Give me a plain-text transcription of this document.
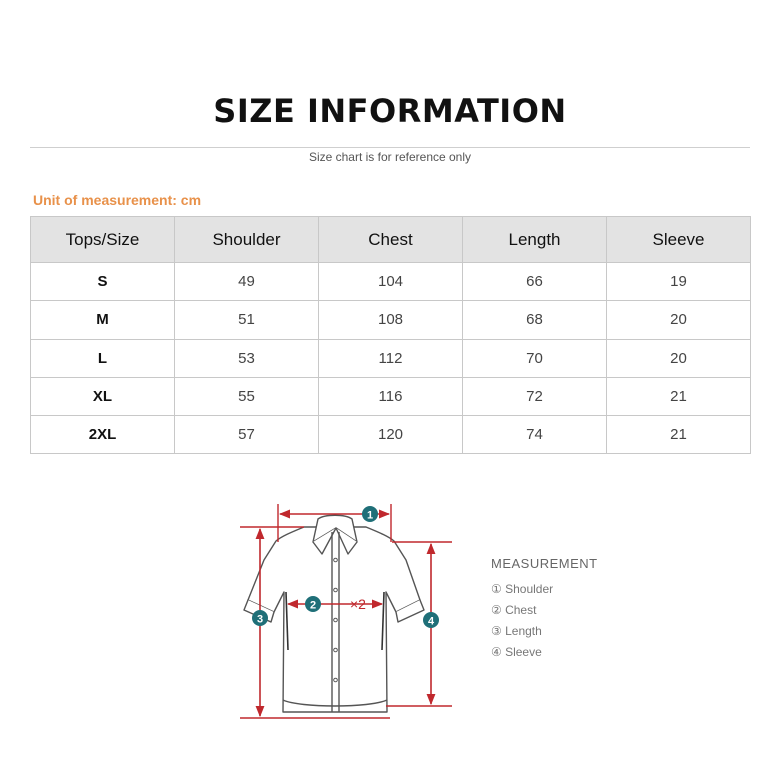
SIZE INFORMATION
Size chart is for reference only
Unit of measurement: cm
Tops/Size	Shoulder	Chest	Length	Sleeve
S	49	104	66	19
M	51	108	68	20
L	53	112	70	20
XL	55	116	72	21
2XL	57	120	74	21
×2
1
2
3	4
MEASUREMENT
① Shoulder
② Chest
③ Length
④ Sleeve
